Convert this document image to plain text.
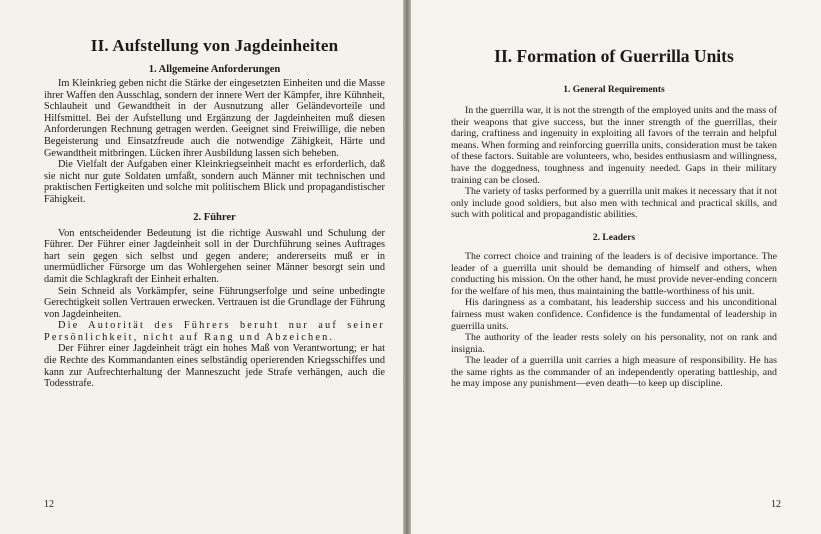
II. Aufstellung von Jagdeinheiten
1. Allgemeine Anforderungen

Im Kleinkrieg geben nicht die Stärke der eingesetzten Einheiten und die Masse ihrer Waffen den Ausschlag, sondern der innere Wert der Kämpfer, ihre Kühnheit, Schlauheit und Gewandtheit in der Ausnutzung aller Geländevorteile und Hilfsmittel. Bei der Aufstellung und Ergänzung der Jagdeinheiten muß diesen Anforderungen Rechnung getragen werden. Geeignet sind Freiwillige, die neben Begeisterung und Einsatzfreude auch die notwendige Zähigkeit, Härte und Gewandtheit mitbringen. Lücken ihrer Ausbildung lassen sich beheben.

Die Vielfalt der Aufgaben einer Kleinkriegseinheit macht es erforderlich, daß sie nicht nur gute Soldaten umfaßt, sondern auch Männer mit technischen und praktischen Fertigkeiten und solche mit politischem Blick und propagandistischer Fähigkeit.

2. Führer

Von entscheidender Bedeutung ist die richtige Auswahl und Schulung der Führer. Der Führer einer Jagdeinheit soll in der Durchführung seines Auftrages hart sein gegen sich selbst und gegen andere; andererseits muß er in unermüdlicher Fürsorge um das Wohlergehen seiner Männer besorgt sein und damit die Schlagkraft der Einheit erhalten.

Sein Schneid als Vorkämpfer, seine Führungserfolge und seine unbedingte Gerechtigkeit sollen Vertrauen erwecken. Vertrauen ist die Grundlage der Führung von Jagdeinheiten.

Die Autorität des Führers beruht nur auf seiner Persönlichkeit, nicht auf Rang und Abzeichen.

Der Führer einer Jagdeinheit trägt ein hohes Maß von Verantwortung; er hat die Rechte des Kommandanten eines selbständig operierenden Kriegsschiffes und kann zur Aufrechterhaltung der Manneszucht jede Strafe verhängen, auch die Todesstrafe.

12
II. Formation of Guerrilla Units
1. General Requirements

In the guerrilla war, it is not the strength of the employed units and the mass of their weapons that give success, but the inner strength of the guerrillas, their daring, craftiness and ingenuity in exploiting all favors of the terrain and helpful means. When forming and reinforcing guerrilla units, consideration must be taken of these factors. Suitable are volunteers, who, besides enthusiasm and willingness, have the doggedness, toughness and ingenuity needed. Gaps in their military training can be closed.

The variety of tasks performed by a guerrilla unit makes it necessary that it not only include good soldiers, but also men with technical and practical skills, and such with political and propagandistic abilities.

2. Leaders

The correct choice and training of the leaders is of decisive importance. The leader of a guerrilla unit should be demanding of himself and others, when conducting his mission. On the other hand, he must provide never-ending concern for the welfare of his men, thus maintaining the battle-worthiness of his unit.

His daringness as a combatant, his leadership success and his unconditional fairness must waken confidence. Confidence is the fundamental of leadership in guerrilla units.

The authority of the leader rests solely on his personality, not on rank and insignia.

The leader of a guerrilla unit carries a high measure of responsibility. He has the same rights as the commander of an independently operating battleship, and he may impose any punishment—even death—to keep up discipline.

12
